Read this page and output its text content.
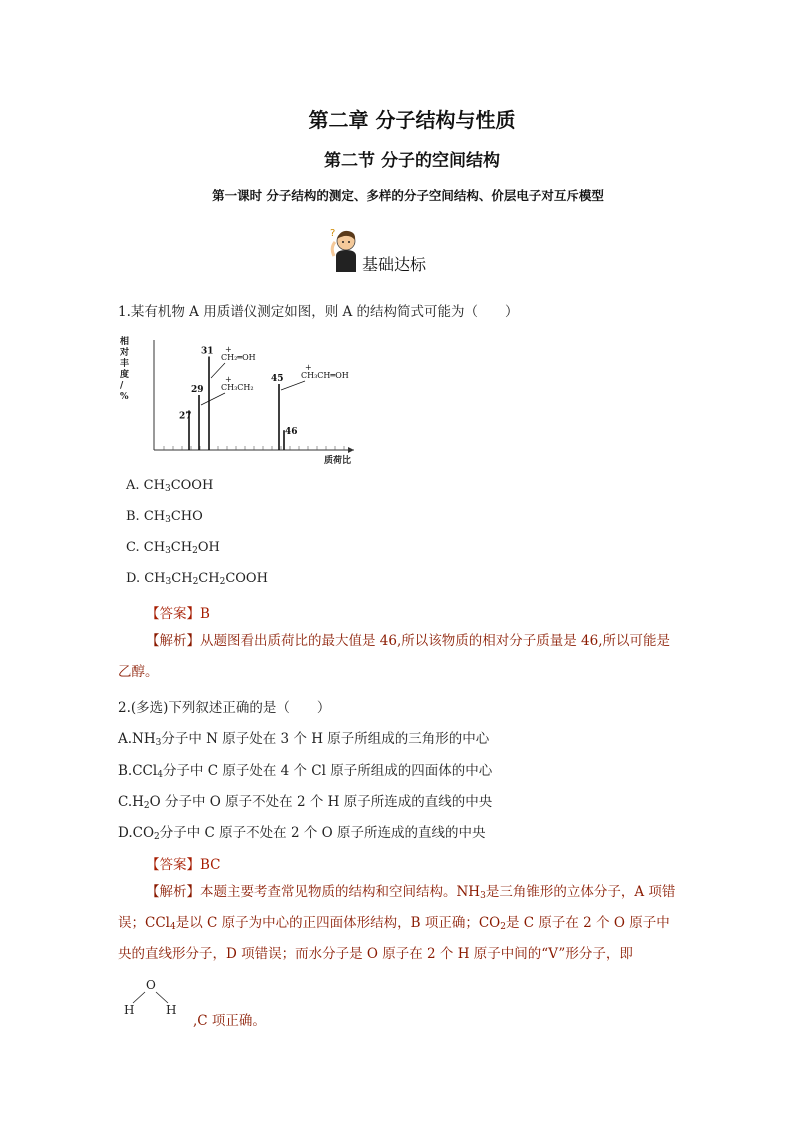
第二章 分子结构与性质
第二节 分子的空间结构
第一课时 分子结构的测定、多样的分子空间结构、价层电子对互斥模型
?
基础达标
1.某有机物 A 用质谱仪测定如图，则 A 的结构简式可能为（　　）
相对丰度/ %
质荷比
27
29
31
45
46
CH₂═OH
+
CH₃CH₂
+	CH₃CH═OH
+
A. $CH_3COOH$
B. $CH_3CHO$
C. $CH_3CH_2OH$
D. $CH_3CH_2CH_2COOH$
【答案】B
【解析】从题图看出质荷比的最大值是 46,所以该物质的相对分子质量是 46,所以可能是乙醇。
2.(多选)下列叙述正确的是（　　）
$A.NH_3$分子中 N 原子处在 3 个 H 原子所组成的三角形的中心
B.CCl$_4$分子中 C 原子处在 4 个 Cl 原子所组成的四面体的中心
$C.H_2O$ 分子中 O 原子不处在 2 个 H 原子所连成的直线的中央
$D.CO_2$分子中 C 原子不处在 2 个 O 原子所连成的直线的中央
【答案】BC
【解析】本题主要考查常见物质的结构和空间结构。$NH_3$是三角锥形的立体分子，A 项错误；CCl$_4$是以 C 原子为中心的正四面体形结构，B 项正确；$CO_2$是 C 原子在 2 个 O 原子中央的直线形分子，D 项错误；而水分子是 O 原子在 2 个 H 原子中间的“V”形分子，即
O
H	H
,C 项正确。
